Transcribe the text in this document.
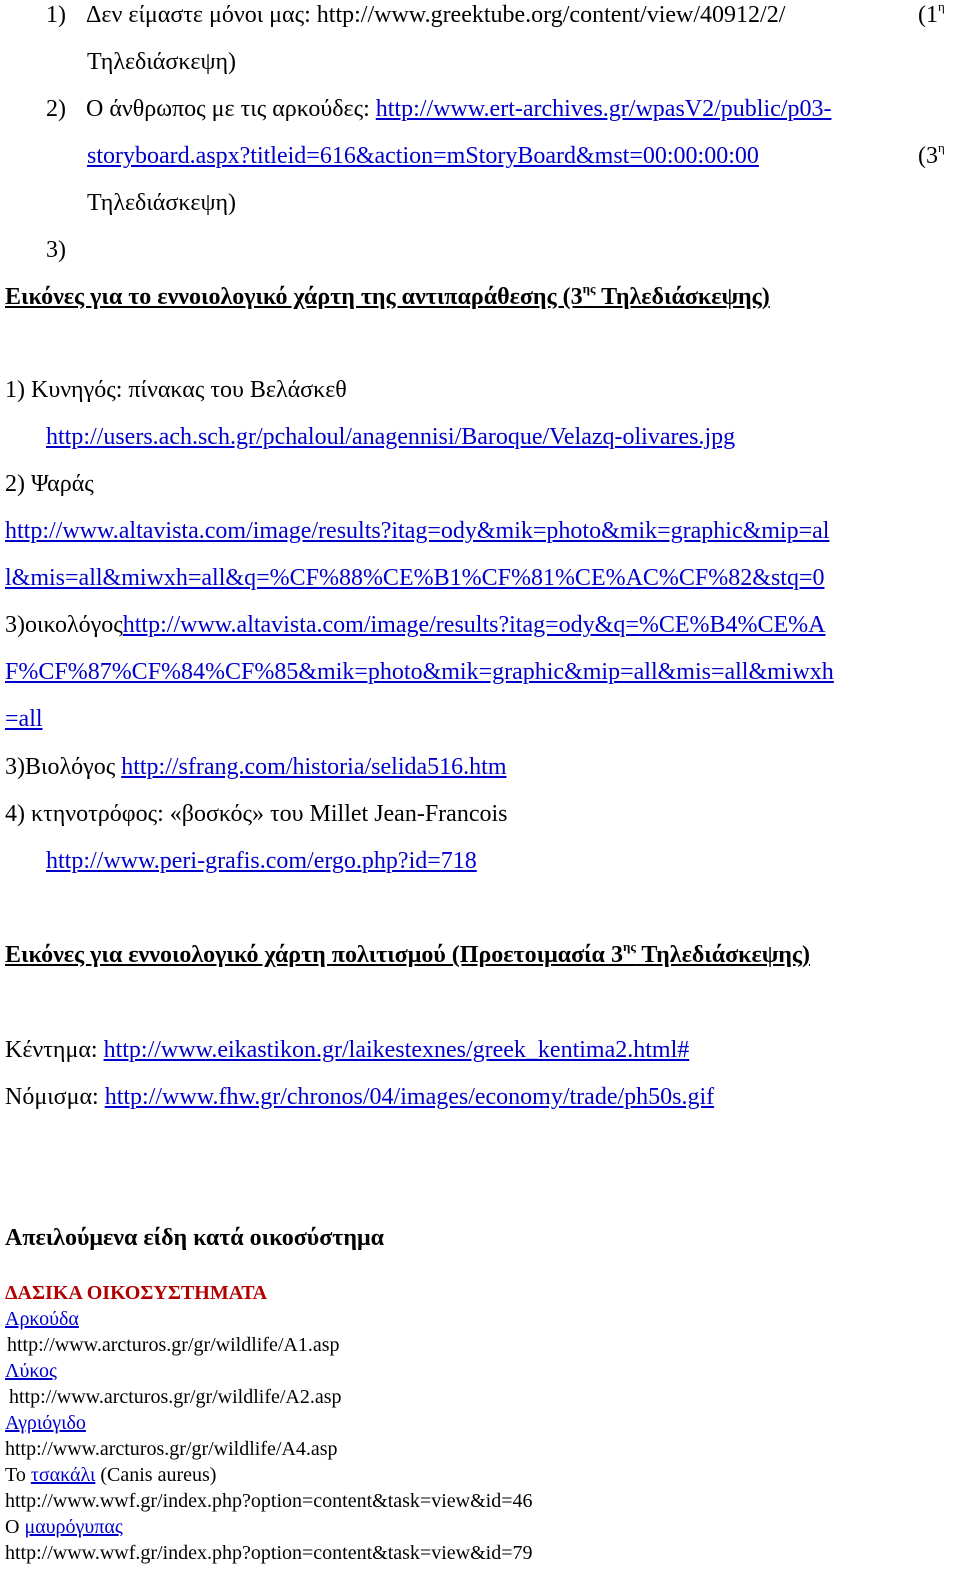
1) Δεν είμαστε μόνοι μας: http://www.greektube.org/content/view/40912/2/	($1^\eta$
Τηλεδιάσκεψη)
2) Ο άνθρωπος με τις αρκούδες: http://www.ert-archives.gr/wpasV2/public/p03-
storyboard.aspx?titleid=616&action=mStoryBoard&mst=00:00:00:00	($3^\eta$
Τηλεδιάσκεψη)
3)
Εικόνες για το εννοιολογικό χάρτη της αντιπαράθεσης ($3^{\eta\varsigma}$ Τηλεδιάσκεψης)
1) Κυνηγός: πίνακας του Βελάσκεθ
http://users.ach.sch.gr/pchaloul/anagennisi/Baroque/Velazq-olivares.jpg
2) Ψαράς
http://www.altavista.com/image/results?itag=ody&mik=photo&mik=graphic&mip=al
l&mis=all&miwxh=all&q=%CF%88%CE%B1%CF%81%CE%AC%CF%82&stq=0
3)οικολόγοςhttp://www.altavista.com/image/results?itag=ody&q=%CE%B4%CE%A
F%CF%87%CF%84%CF%85&mik=photo&mik=graphic&mip=all&mis=all&miwxh
=all
3)Βιολόγος http://sfrang.com/historia/selida516.htm
4) κτηνοτρόφος: «βοσκός» του Millet Jean-Francois
http://www.peri-grafis.com/ergo.php?id=718
Εικόνες για εννοιολογικό χάρτη πολιτισμού (Προετοιμασία $3^{\eta\varsigma}$ Τηλεδιάσκεψης)
Κέντημα: http://www.eikastikon.gr/laikestexnes/greek_kentima2.html#
Νόμισμα: http://www.fhw.gr/chronos/04/images/economy/trade/ph50s.gif
Απειλούμενα είδη κατά οικοσύστημα
ΔΑΣΙΚΑ ΟΙΚΟΣΥΣΤΗΜΑΤΑ
Αρκούδα
http://www.arcturos.gr/gr/wildlife/A1.asp
Λύκος
http://www.arcturos.gr/gr/wildlife/A2.asp
Αγριόγιδο
http://www.arcturos.gr/gr/wildlife/A4.asp
Το τσακάλι (Canis aureus)
http://www.wwf.gr/index.php?option=content&task=view&id=46
Ο μαυρόγυπας
http://www.wwf.gr/index.php?option=content&task=view&id=79
